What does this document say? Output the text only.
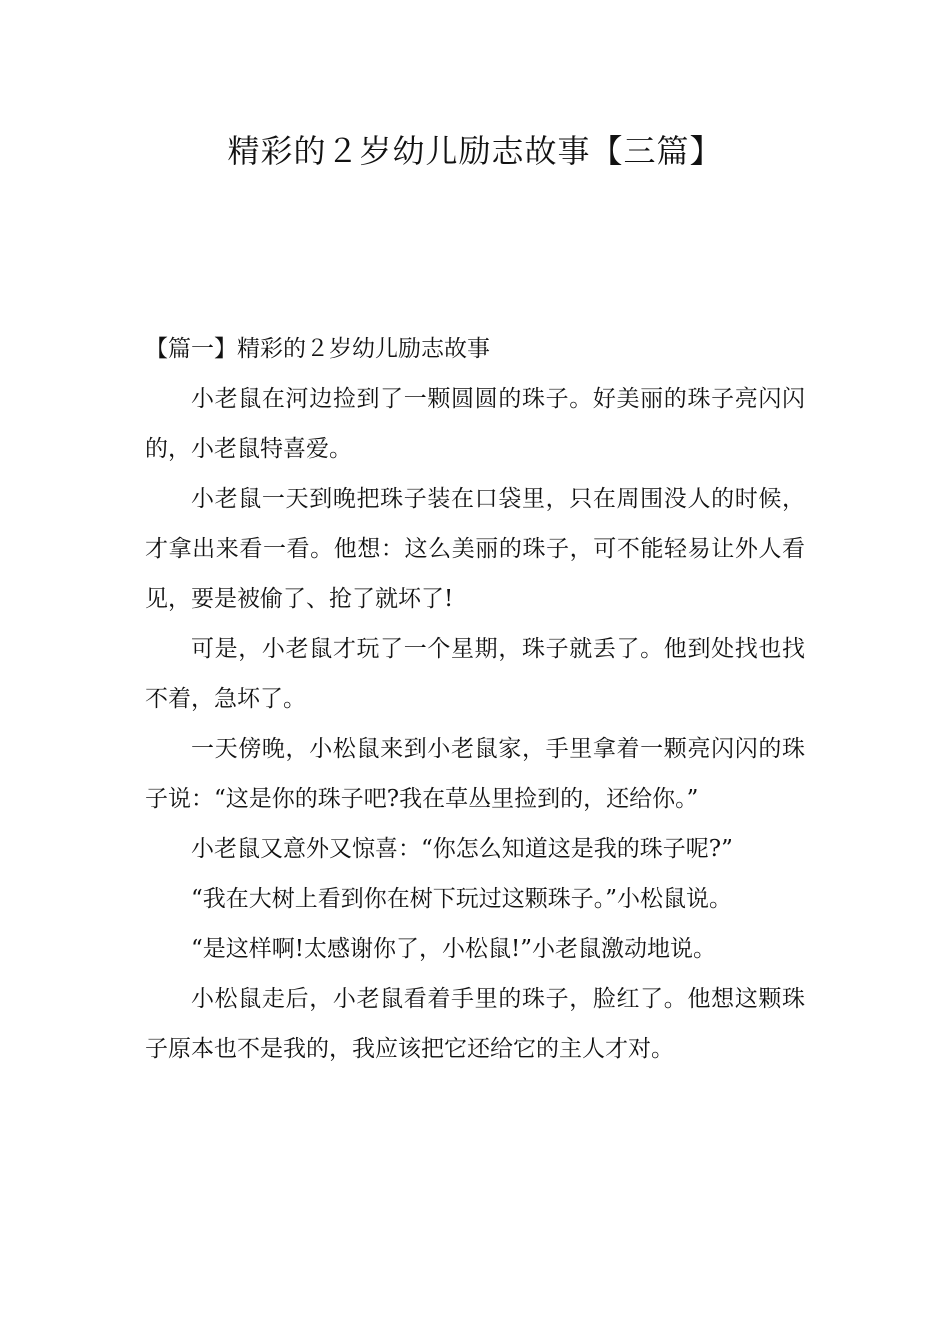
精彩的２岁幼儿励志故事【三篇】
【篇一】精彩的２岁幼儿励志故事

小老鼠在河边捡到了一颗圆圆的珠子。好美丽的珠子亮闪闪的，小老鼠特喜爱。

小老鼠一天到晚把珠子装在口袋里，只在周围没人的时候，才拿出来看一看。他想：这么美丽的珠子，可不能轻易让外人看见，要是被偷了、抢了就坏了!

可是，小老鼠才玩了一个星期，珠子就丢了。他到处找也找不着，急坏了。

一天傍晚，小松鼠来到小老鼠家，手里拿着一颗亮闪闪的珠子说：“这是你的珠子吧?我在草丛里捡到的，还给你。”

小老鼠又意外又惊喜：“你怎么知道这是我的珠子呢?”

“我在大树上看到你在树下玩过这颗珠子。”小松鼠说。

“是这样啊!太感谢你了，小松鼠!”小老鼠激动地说。

小松鼠走后，小老鼠看着手里的珠子，脸红了。他想这颗珠子原本也不是我的，我应该把它还给它的主人才对。
